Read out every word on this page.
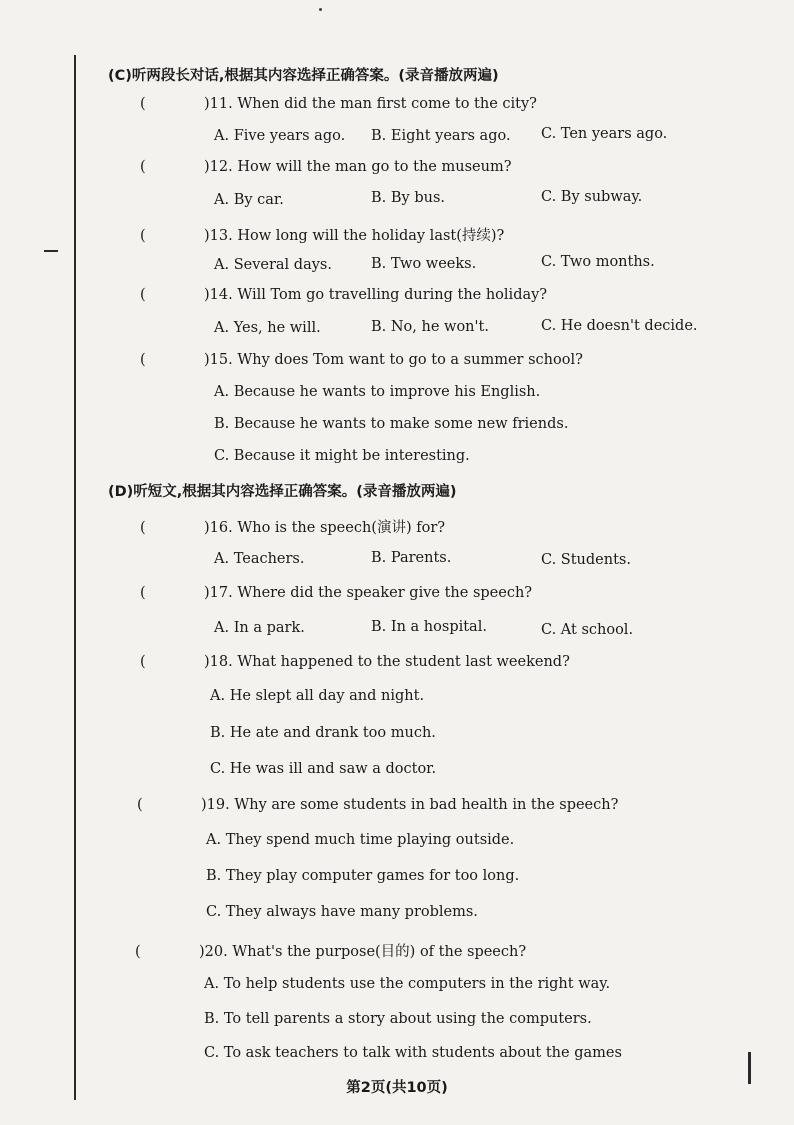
(C)听两段长对话,根据其内容选择正确答案。(录音播放两遍)
(	)11. When did the man first come to the city?
A. Five years ago. B. Eight years ago. C. Ten years ago.
(	)12. How will the man go to the museum?
A. By car.	B. By bus.	C. By subway.
(	)13. How long will the holiday last(持续)?
A. Several days.	B. Two weeks.	C. Two months.
(	)14. Will Tom go travelling during the holiday?
A. Yes, he will.	B. No, he won't.	C. He doesn't decide.
(	)15. Why does Tom want to go to a summer school?
A. Because he wants to improve his English.
B. Because he wants to make some new friends.
C. Because it might be interesting.
(D)听短文,根据其内容选择正确答案。(录音播放两遍)
(	)16. Who is the speech(演讲) for?
A. Teachers.	B. Parents.	C. Students.
(	)17. Where did the speaker give the speech?
A. In a park.	B. In a hospital.	C. At school.
(	)18. What happened to the student last weekend?
A. He slept all day and night.
B. He ate and drank too much.
C. He was ill and saw a doctor.
(	)19. Why are some students in bad health in the speech?
A. They spend much time playing outside.
B. They play computer games for too long.
C. They always have many problems.
(	)20. What's the purpose(目的) of the speech?
A. To help students use the computers in the right way.
B. To tell parents a story about using the computers.
C. To ask teachers to talk with students about the games
第2页(共10页)
